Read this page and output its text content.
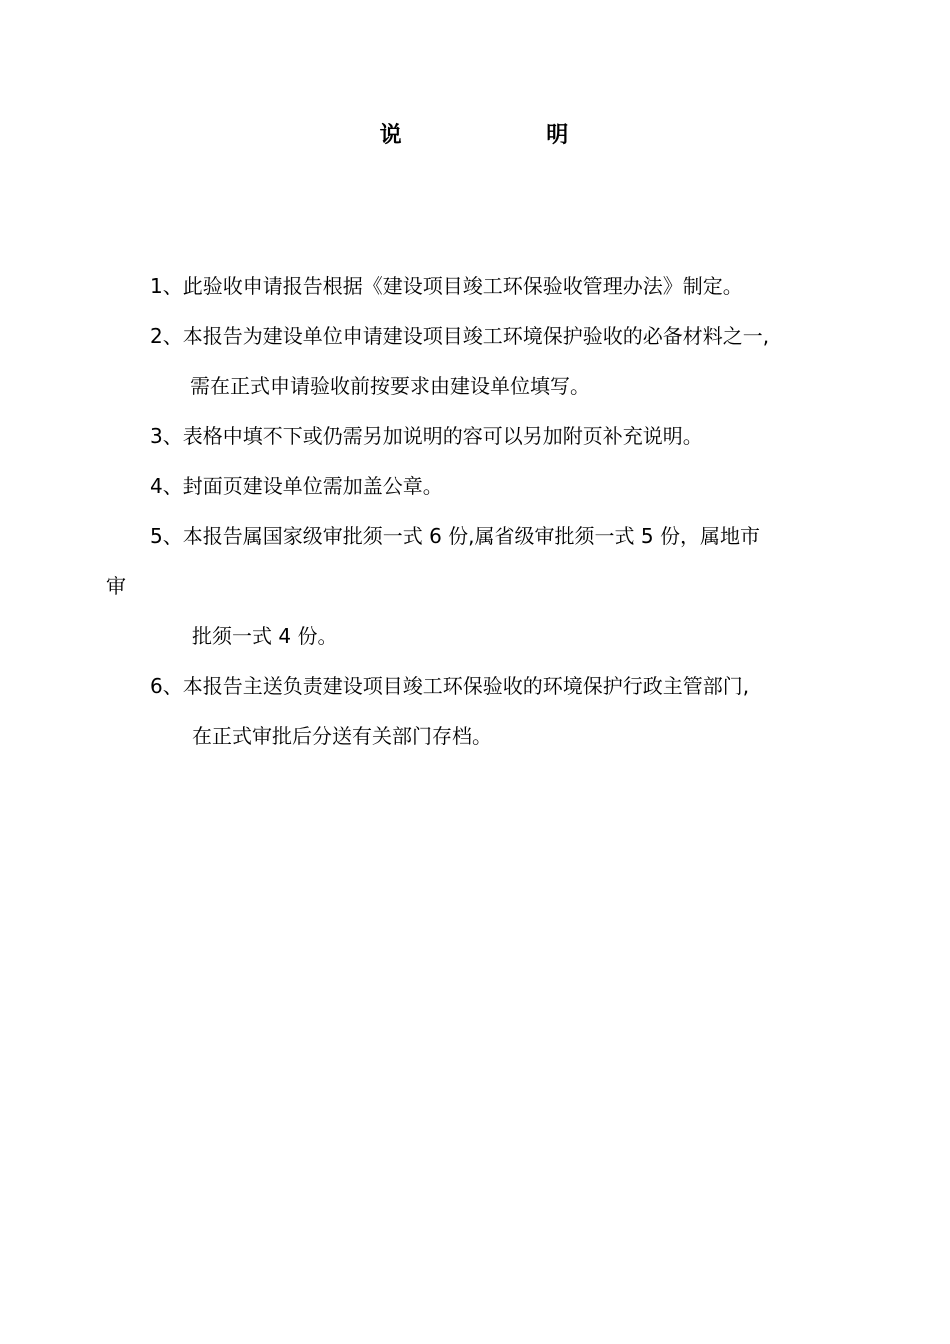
说    明
1、此验收申请报告根据《建设项目竣工环保验收管理办法》制定。
2、本报告为建设单位申请建设项目竣工环境保护验收的必备材料之一,
需在正式申请验收前按要求由建设单位填写。
3、表格中填不下或仍需另加说明的容可以另加附页补充说明。
4、封面页建设单位需加盖公章。
5、本报告属国家级审批须一式 6 份,属省级审批须一式 5 份，属地市
审
批须一式 4 份。
6、本报告主送负责建设项目竣工环保验收的环境保护行政主管部门,
在正式审批后分送有关部门存档。
